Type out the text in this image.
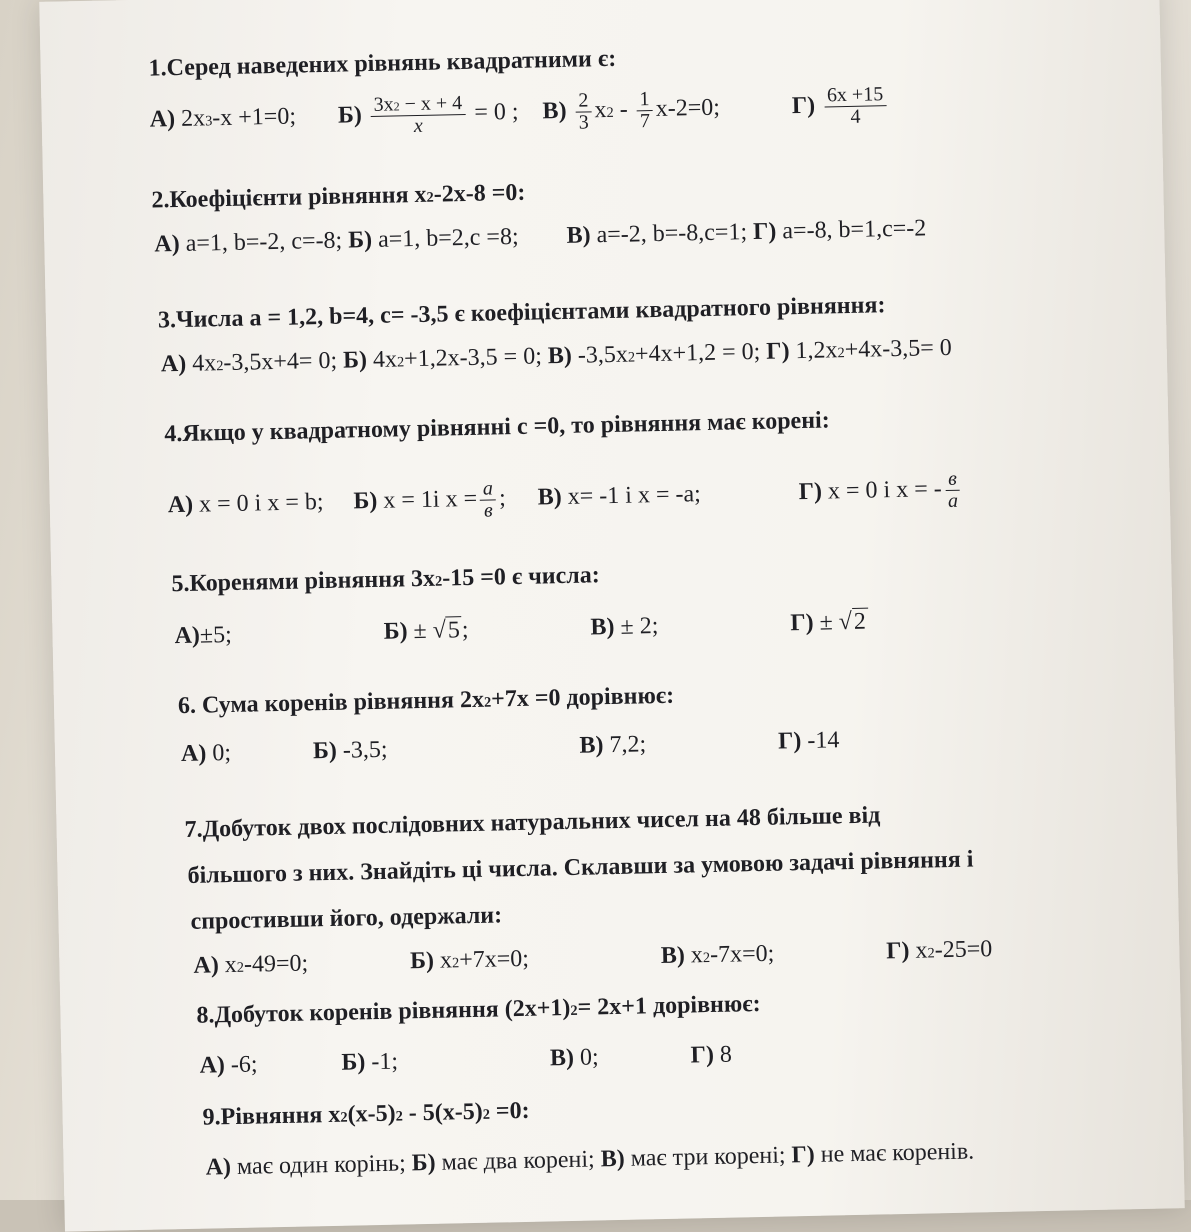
1.Серед наведених рівнянь квадратними є:
А) $2x^3-x +1=0$; $Б) \frac{3x^2 - x + 4}{x} = 0$ ; $В) \frac{2}{3} x^2 - \frac{1}{7} x-2=0$;	$Г) \frac{6x +15}{4}$
2.Коефіцієнти рівняння $x^2-2x-8 =0$:
А) a=1, b=-2, c=-8; Б) a=1, b=2,c =8; В) a=-2, b=-8,c=1; Г) a=-8, b=1,c=-2
3.Числа a = 1,2, b=4, c= -3,5 є коефіцієнтами квадратного рівняння:
А) $4x^2-3,5x+4= 0$; Б) $4x^2+1,2x-3,5 = 0$; В) $-3,5x^2+4x+1,2 = 0$; Г) $1,2x^2+4x-3,5= 0$
4.Якщо у квадратному рівнянні c =0, то рівняння має корені:
А) x = 0 і x = b; Б) x = 1і $x = \frac{a}{в}$ ; В) x= -1 і x = -a;	Г) x = 0 і x = - $\frac{в}{a}$
5.Коренями рівняння $3x^2-15 =0$ є числа:
А)±5;	Б) ± √5;	В) ± 2;	Г) ± √2
6. Сума коренів рівняння $2x^2+7x =0$ дорівнює:
А) 0;	Б) -3,5;	В) 7,2;	Г) -14
7.Добуток двох послідовних натуральних чисел на 48 більше від
більшого з них. Знайдіть ці числа. Склавши за умовою задачі рівняння і
спростивши його, одержали:
А) $x^2-49=0$;	Б) $x^2+7x=0$;	В) $x^2-7x=0$;	Г) $x^2-25=0$
8.Добуток коренів рівняння $(2x+1)^2= 2x+1$ дорівнює:
А) -6;	Б) -1;	В) 0;	Г) 8
9.Рівняння $x^2(x-5)^2 - 5(x-5)^2 =0$:
А) має один корінь; Б) має два корені; В) має три корені; Г) не має коренів.
